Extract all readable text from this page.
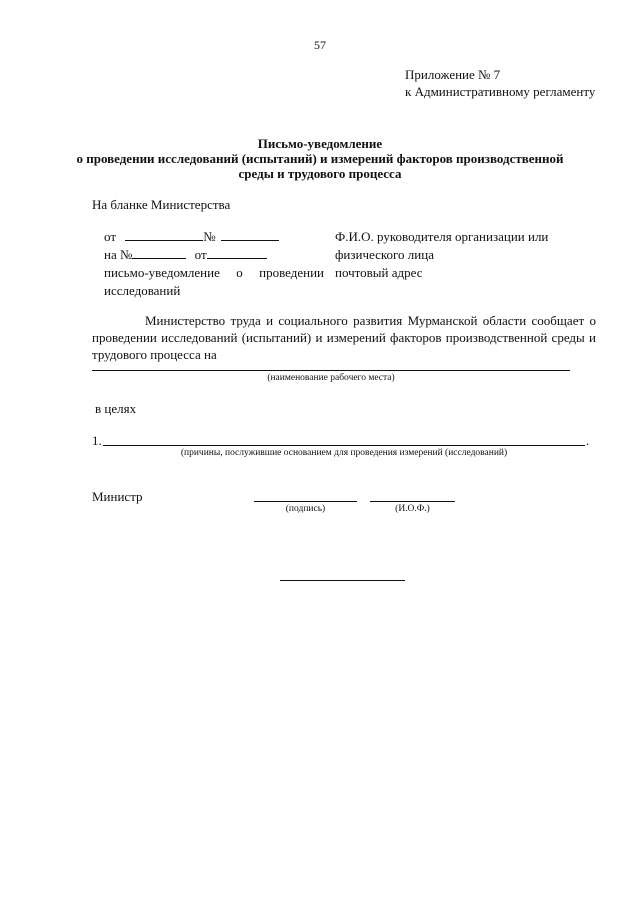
57
Приложение № 7
к Административному регламенту
Письмо-уведомление
о проведении исследований (испытаний) и измерений факторов производственной
среды и трудового процесса
На бланке Министерства
от	№
на №	от
письмо-уведомление о проведении
исследований
Ф.И.О. руководителя организации или
физического лица
почтовый адрес
Министерство труда и социального развития Мурманской области сообщает о проведении исследований (испытаний) и измерений факторов производственной среды и трудового процесса на
(наименование рабочего места)
в целях
1.	.
(причины, послужившие основанием для проведения измерений (исследований)
Министр
(подпись)	(И.О.Ф.)
